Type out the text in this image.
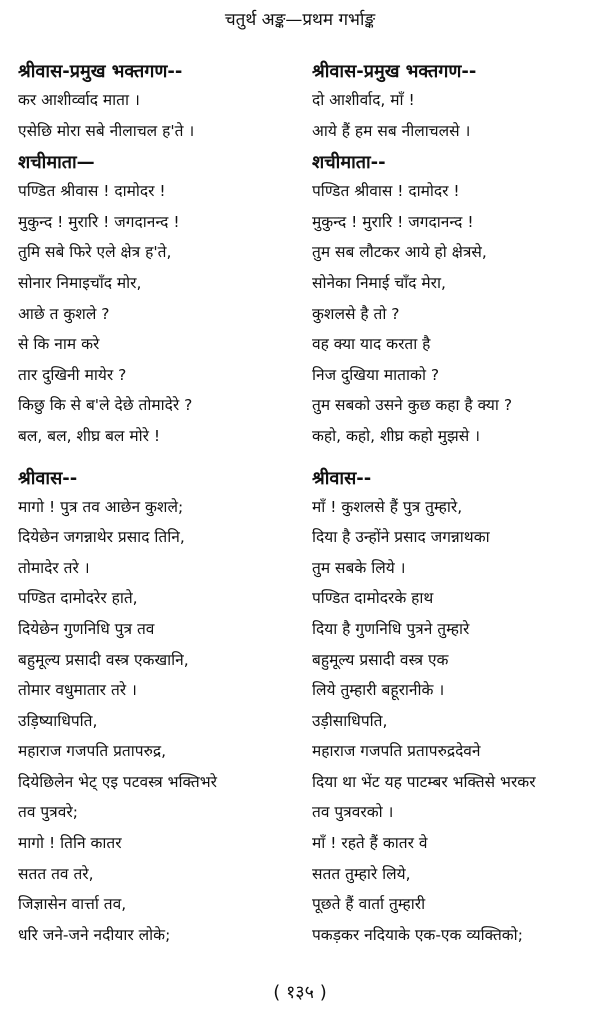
चतुर्थ अङ्क—प्रथम गर्भाङ्क
श्रीवास-प्रमुख भक्तगण--
कर आशीर्व्वाद माता ।
एसेछि मोरा सबे नीलाचल ह'ते ।
शचीमाता—
पण्डित श्रीवास ! दामोदर !
मुकुन्द ! मुरारि ! जगदानन्द !
तुमि सबे फिरे एले क्षेत्र ह'ते,
सोनार निमाइचाँद मोर,
आछे त कुशले ?
से कि नाम करे
तार दुखिनी मायेर ?
किछु कि से ब'ले देछे तोमादेरे ?
बल, बल, शीघ्र बल मोरे !
श्रीवास--
मागो ! पुत्र तव आछेन कुशले;
दियेछेन जगन्नाथेर प्रसाद तिनि,
तोमादेर तरे ।
पण्डित दामोदरेर हाते,
दियेछेन गुणनिधि पुत्र तव
बहुमूल्य प्रसादी वस्त्र एकखानि,
तोमार वधुमातार तरे ।
उड़िष्याधिपति,
महाराज गजपति प्रतापरुद्र,
दियेछिलेन भेट् एइ पटवस्त्र भक्तिभरे
तव पुत्रवरे;
मागो ! तिनि कातर
सतत तव तरे,
जिज्ञासेन वार्त्ता तव,
धरि जने-जने नदीयार लोके;
श्रीवास-प्रमुख भक्तगण--
दो आशीर्वाद, माँ !
आये हैं हम सब नीलाचलसे ।
शचीमाता--
पण्डित श्रीवास ! दामोदर !
मुकुन्द ! मुरारि ! जगदानन्द !
तुम सब लौटकर आये हो क्षेत्रसे,
सोनेका निमाई चाँद मेरा,
कुशलसे है तो ?
वह क्या याद करता है
निज दुखिया माताको ?
तुम सबको उसने कुछ कहा है क्या ?
कहो, कहो, शीघ्र कहो मुझसे ।
श्रीवास--
माँ ! कुशलसे हैं पुत्र तुम्हारे,
दिया है उन्होंने प्रसाद जगन्नाथका
तुम सबके लिये ।
पण्डित दामोदरके हाथ
दिया है गुणनिधि पुत्रने तुम्हारे
बहुमूल्य प्रसादी वस्त्र एक
लिये तुम्हारी बहूरानीके ।
उड़ीसाधिपति,
महाराज गजपति प्रतापरुद्रदेवने
दिया था भेंट यह पाटम्बर भक्तिसे भरकर
तव पुत्रवरको ।
माँ ! रहते हैं कातर वे
सतत तुम्हारे लिये,
पूछते हैं वार्ता तुम्हारी
पकड़कर नदियाके एक-एक व्यक्तिको;
( १३५ )
